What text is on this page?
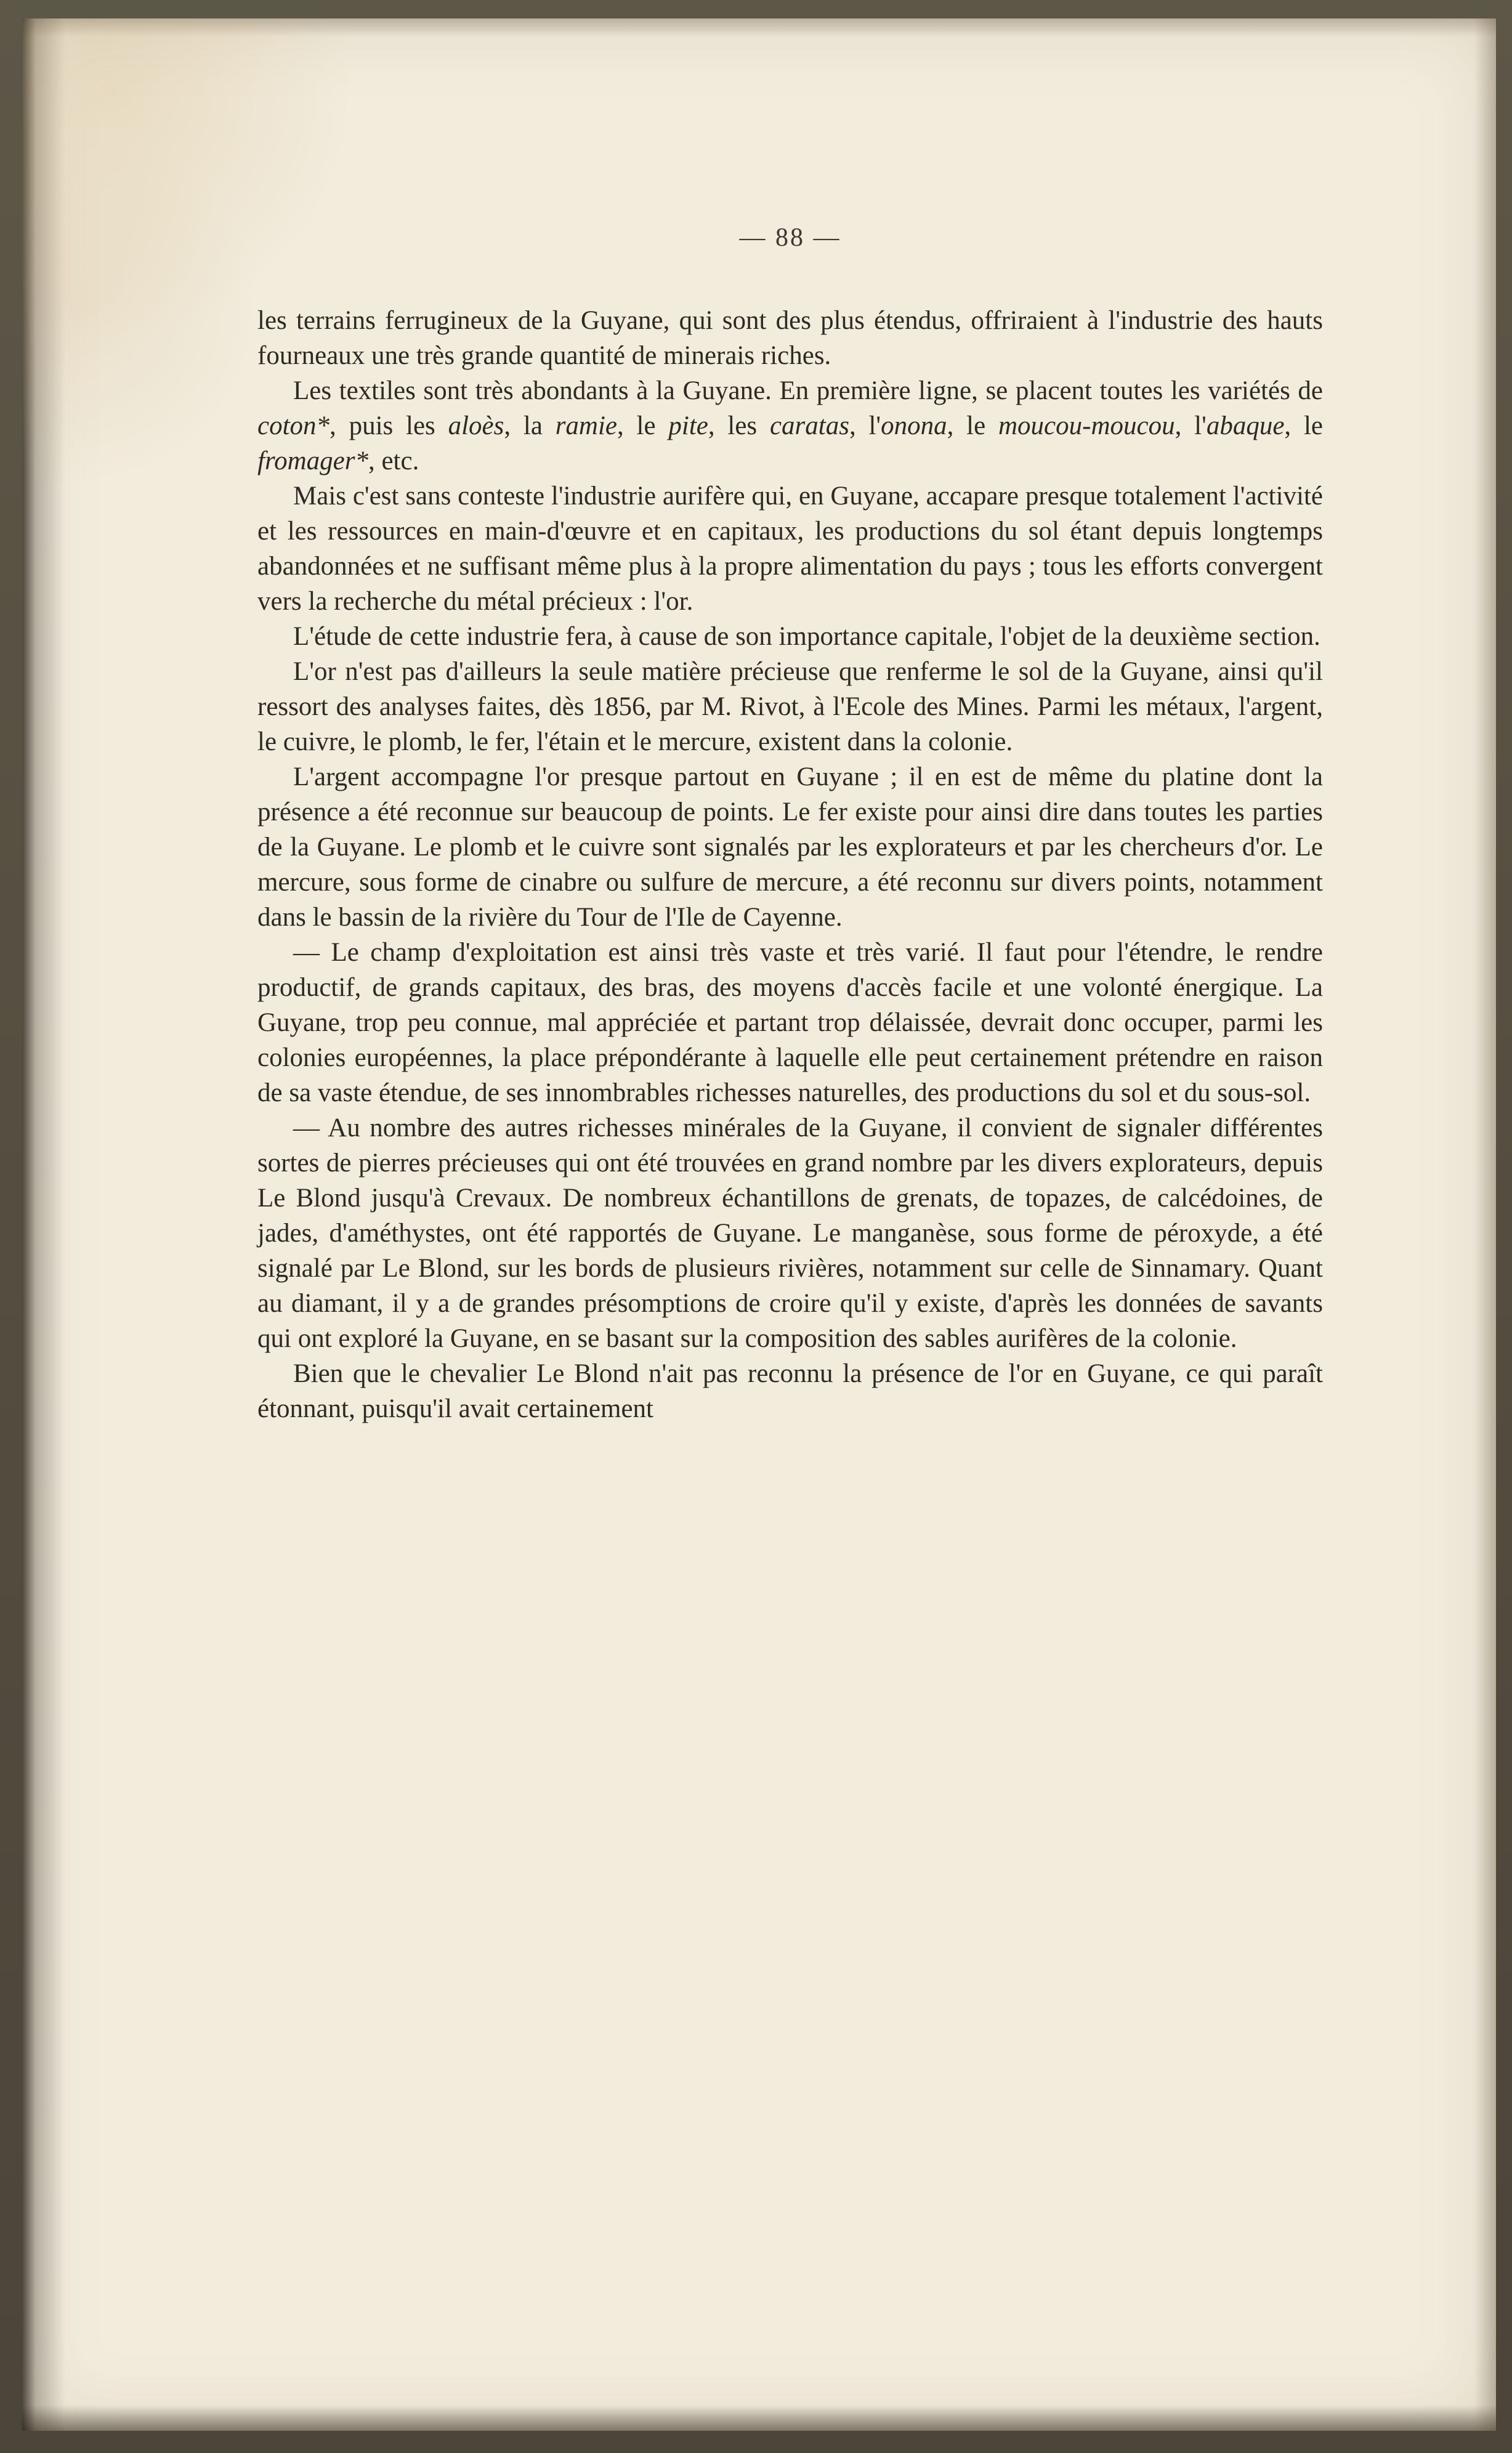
— 88 —

les terrains ferrugineux de la Guyane, qui sont des plus étendus, offriraient à l'industrie des hauts fourneaux une très grande quantité de minerais riches.

Les textiles sont très abondants à la Guyane. En première ligne, se placent toutes les variétés de coton*, puis les aloès, la ramie, le pite, les caratas, l'onona, le moucou-moucou, l'abaque, le fromager*, etc.

Mais c'est sans conteste l'industrie aurifère qui, en Guyane, accapare presque totalement l'activité et les ressources en main-d'œuvre et en capitaux, les productions du sol étant depuis longtemps abandonnées et ne suffisant même plus à la propre alimentation du pays ; tous les efforts convergent vers la recherche du métal précieux : l'or.

L'étude de cette industrie fera, à cause de son importance capitale, l'objet de la deuxième section.

L'or n'est pas d'ailleurs la seule matière précieuse que renferme le sol de la Guyane, ainsi qu'il ressort des analyses faites, dès 1856, par M. Rivot, à l'Ecole des Mines. Parmi les métaux, l'argent, le cuivre, le plomb, le fer, l'étain et le mercure, existent dans la colonie.

L'argent accompagne l'or presque partout en Guyane ; il en est de même du platine dont la présence a été reconnue sur beaucoup de points. Le fer existe pour ainsi dire dans toutes les parties de la Guyane. Le plomb et le cuivre sont signalés par les explorateurs et par les chercheurs d'or. Le mercure, sous forme de cinabre ou sulfure de mercure, a été reconnu sur divers points, notamment dans le bassin de la rivière du Tour de l'Ile de Cayenne.

— Le champ d'exploitation est ainsi très vaste et très varié. Il faut pour l'étendre, le rendre productif, de grands capitaux, des bras, des moyens d'accès facile et une volonté énergique. La Guyane, trop peu connue, mal appréciée et partant trop délaissée, devrait donc occuper, parmi les colonies européennes, la place prépondérante à laquelle elle peut certainement prétendre en raison de sa vaste étendue, de ses innombrables richesses naturelles, des productions du sol et du sous-sol.

— Au nombre des autres richesses minérales de la Guyane, il convient de signaler différentes sortes de pierres précieuses qui ont été trouvées en grand nombre par les divers explorateurs, depuis Le Blond jusqu'à Crevaux. De nombreux échantillons de grenats, de topazes, de calcédoines, de jades, d'améthystes, ont été rapportés de Guyane. Le manganèse, sous forme de péroxyde, a été signalé par Le Blond, sur les bords de plusieurs rivières, notamment sur celle de Sinnamary. Quant au diamant, il y a de grandes présomptions de croire qu'il y existe, d'après les données de savants qui ont exploré la Guyane, en se basant sur la composition des sables aurifères de la colonie.

Bien que le chevalier Le Blond n'ait pas reconnu la présence de l'or en Guyane, ce qui paraît étonnant, puisqu'il avait certainement
